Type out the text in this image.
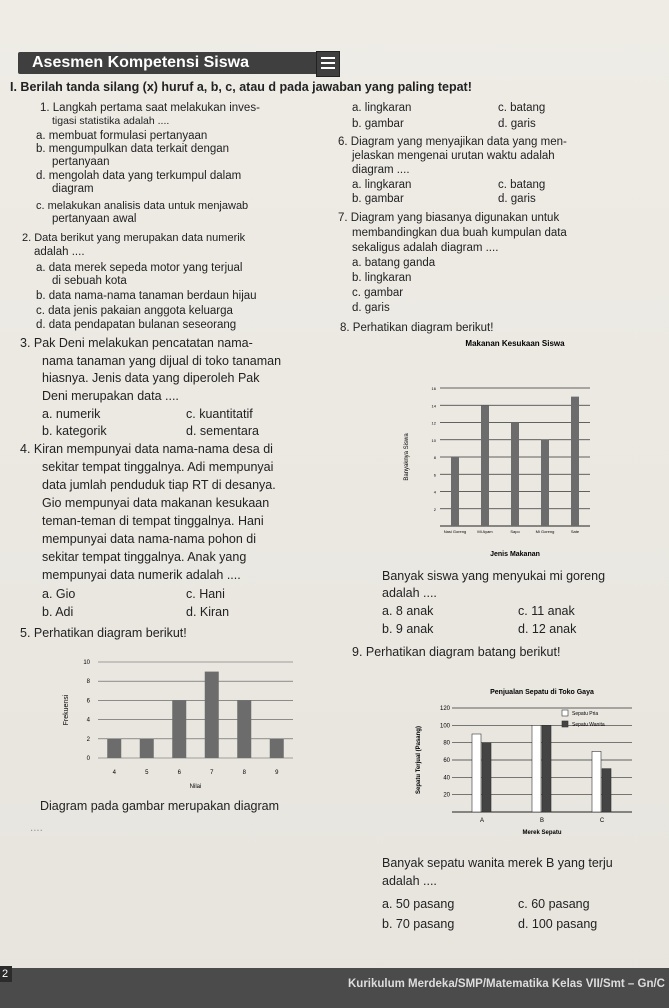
Asesmen Kompetensi Siswa
I. Berilah tanda silang (x) huruf a, b, c, atau d pada jawaban yang paling tepat!
1. Langkah pertama saat melakukan inves-
tigasi statistika adalah ....
a. membuat formulasi pertanyaan
b. mengumpulkan data terkait dengan
pertanyaan
d. mengolah data yang terkumpul dalam
diagram
c. melakukan analisis data untuk menjawab
pertanyaan awal
2. Data berikut yang merupakan data numerik
adalah ....
a. data merek sepeda motor yang terjual
di sebuah kota
b. data nama-nama tanaman berdaun hijau
c. data jenis pakaian anggota keluarga
d. data pendapatan bulanan seseorang
3. Pak Deni melakukan pencatatan nama-
nama tanaman yang dijual di toko tanaman
hiasnya. Jenis data yang diperoleh Pak
Deni merupakan data ....
a. numerik	c. kuantitatif
b. kategorik	d. sementara
4. Kiran mempunyai data nama-nama desa di
sekitar tempat tinggalnya. Adi mempunyai
data jumlah penduduk tiap RT di desanya.
Gio mempunyai data makanan kesukaan
teman-teman di tempat tinggalnya. Hani
mempunyai data nama-nama pohon di
sekitar tempat tinggalnya. Anak yang
mempunyai data numerik adalah ....
a. Gio	c. Hani
b. Adi	d. Kiran
5. Perhatikan diagram berikut!
0
2
4
6
8
10
4	5	6	7	8	9
Frekuensi
Nilai
Diagram pada gambar merupakan diagram
....
a. lingkaran	c. batang
b. gambar	d. garis
6. Diagram yang menyajikan data yang men-
jelaskan mengenai urutan waktu adalah
diagram ....
a. lingkaran	c. batang
b. gambar	d. garis
7. Diagram yang biasanya digunakan untuk
membandingkan dua buah kumpulan data
sekaligus adalah diagram ....
a. batang ganda
b. lingkaran
c. gambar
d. garis
8. Perhatikan diagram berikut!
Makanan Kesukaan Siswa
2
4
6
8
10
12
14
16
Nasi Goreng	Mi Ayam	Sapo	Mi Goreng	Sate
Banyaknya Siswa
Jenis Makanan
Banyak siswa yang menyukai mi goreng
adalah ....
a. 8 anak	c. 11 anak
b. 9 anak	d. 12 anak
9. Perhatikan diagram batang berikut!
Penjualan Sepatu di Toko Gaya
20
40
60
80
100
120
A	B	C
Sepatu Pria
Sepatu Wanita
Sepatu Terjual (Pasang)
Merek Sepatu
Banyak sepatu wanita merek B yang terju
adalah ....
a. 50 pasang	c. 60 pasang
b. 70 pasang	d. 100 pasang
2
Kurikulum Merdeka/SMP/Matematika Kelas VII/Smt – Gn/C
